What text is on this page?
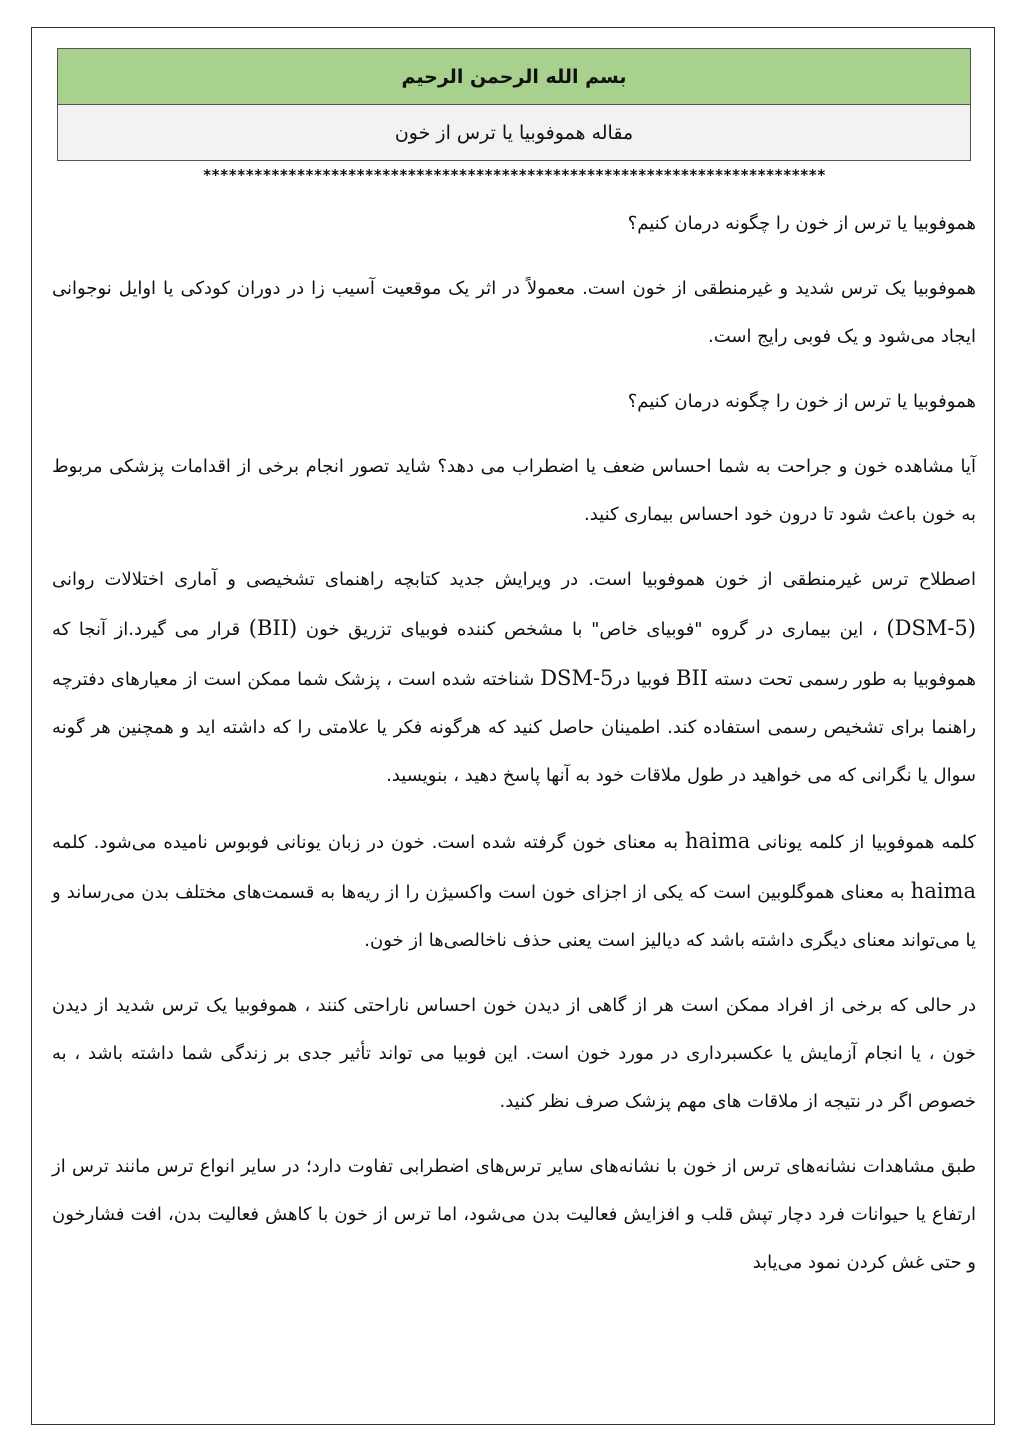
بسم الله الرحمن الرحیم
مقاله هموفوبیا یا ترس از خون
*************************************************************************

هموفوبیا یا ترس از خون را چگونه درمان کنیم؟

هموفوبیا یک ترس شدید و غیرمنطقی از خون است. معمولاً در اثر یک موقعیت آسیب زا در دوران کودکی یا اوایل نوجوانی ایجاد می‌شود و یک فوبی رایج است.

هموفوبیا یا ترس از خون را چگونه درمان کنیم؟

آیا مشاهده خون و جراحت به شما احساس ضعف یا اضطراب می دهد؟ شاید تصور انجام برخی از اقدامات پزشکی مربوط به خون باعث شود تا درون خود احساس بیماری کنید.

اصطلاح ترس غیرمنطقی از خون هموفوبیا است. در ویرایش جدید کتابچه راهنمای تشخیصی و آماری اختلالات روانی (DSM-5) ، این بیماری در گروه "فوبیای خاص" با مشخص کننده فوبیای تزریق خون (BII) قرار می گیرد.از آنجا که هموفوبیا به طور رسمی تحت دسته BII فوبیا درDSM-5 شناخته شده است ، پزشک شما ممکن است از معیارهای دفترچه راهنما برای تشخیص رسمی استفاده کند. اطمینان حاصل کنید که هرگونه فکر یا علامتی را که داشته اید و همچنین هر گونه سوال یا نگرانی که می خواهید در طول ملاقات خود به آنها پاسخ دهید ، بنویسید.

کلمه هموفوبیا از کلمه یونانی haima به معنای خون گرفته شده است. خون در زبان یونانی فوبوس نامیده می‌شود. کلمه haima به معنای هموگلوبین است که یکی از اجزای خون است واکسیژن را از ریه‌ها به قسمت‌های مختلف بدن می‌رساند و یا می‌تواند معنای دیگری داشته باشد که دیالیز است یعنی حذف ناخالصی‌ها از خون.

در حالی که برخی از افراد ممکن است هر از گاهی از دیدن خون احساس ناراحتی کنند ، هموفوبیا یک ترس شدید از دیدن خون ، یا انجام آزمایش یا عکسبرداری در مورد خون است. این فوبیا می تواند تأثیر جدی بر زندگی شما داشته باشد ، به خصوص اگر در نتیجه از ملاقات های مهم پزشک صرف نظر کنید.

طبق مشاهدات نشانه‌های ترس از خون با نشانه‌های سایر ترس‌های اضطرابی تفاوت دارد؛ در سایر انواع ترس مانند ترس از ارتفاع یا حیوانات فرد دچار تپش قلب و افزایش فعالیت بدن می‌شود، اما ترس از خون با کاهش فعالیت بدن، افت فشارخون و حتی غش کردن نمود می‌یابد
